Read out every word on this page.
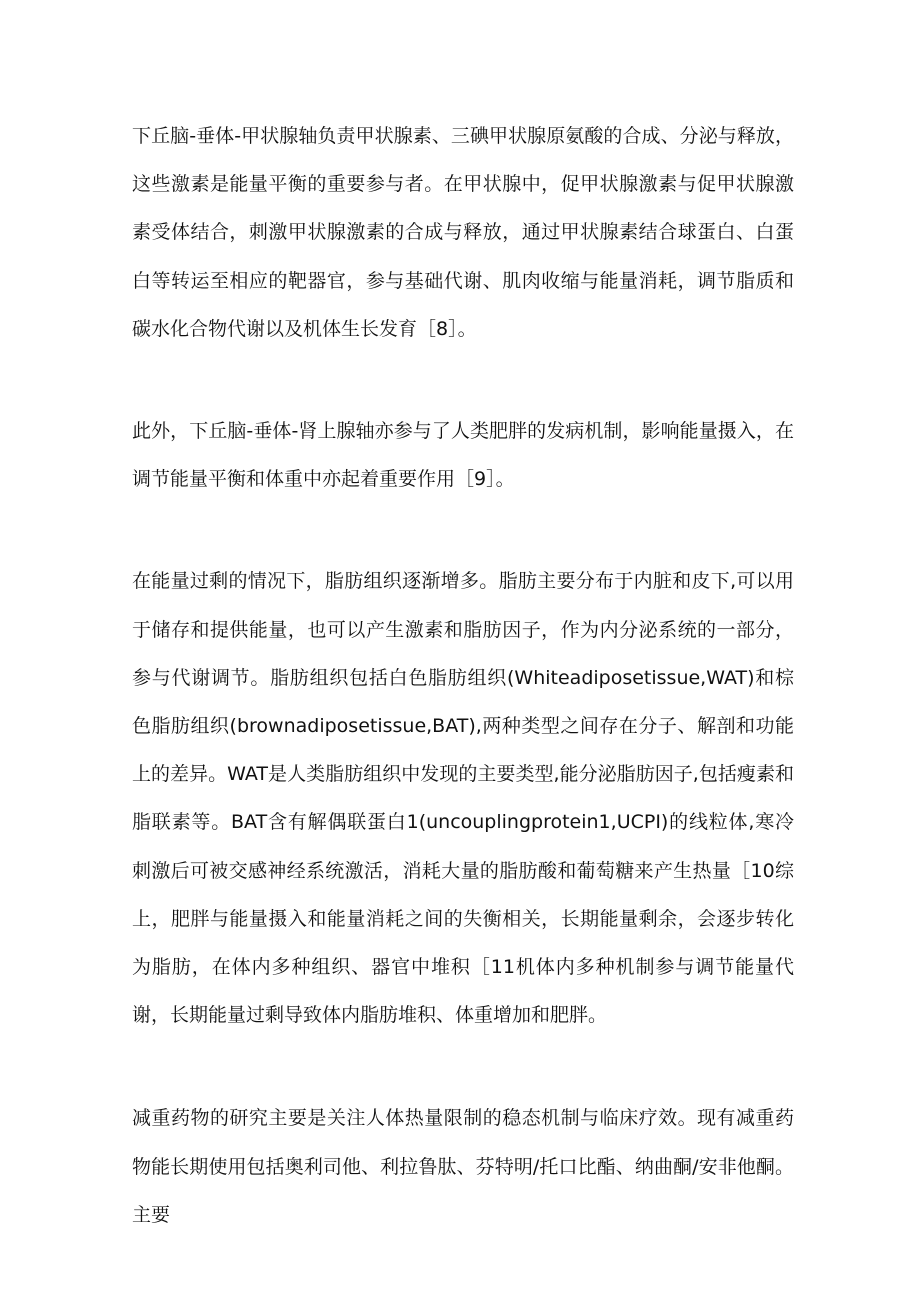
下丘脑-垂体-甲状腺轴负责甲状腺素、三碘甲状腺原氨酸的合成、分泌与释放，这些激素是能量平衡的重要参与者。在甲状腺中，促甲状腺激素与促甲状腺激素受体结合，刺激甲状腺激素的合成与释放，通过甲状腺素结合球蛋白、白蛋白等转运至相应的靶器官，参与基础代谢、肌肉收缩与能量消耗，调节脂质和碳水化合物代谢以及机体生长发育［8］。

此外，下丘脑-垂体-肾上腺轴亦参与了人类肥胖的发病机制，影响能量摄入，在调节能量平衡和体重中亦起着重要作用［9］。

在能量过剩的情况下，脂肪组织逐渐增多。脂肪主要分布于内脏和皮下,可以用于储存和提供能量，也可以产生激素和脂肪因子，作为内分泌系统的一部分，参与代谢调节。脂肪组织包括白色脂肪组织(Whiteadiposetissue,WAT)和棕色脂肪组织(brownadiposetissue,BAT),两种类型之间存在分子、解剖和功能上的差异。WAT是人类脂肪组织中发现的主要类型,能分泌脂肪因子,包括瘦素和脂联素等。BAT含有解偶联蛋白1(uncouplingprotein1,UCPI)的线粒体,寒冷刺激后可被交感神经系统激活，消耗大量的脂肪酸和葡萄糖来产生热量［10综上，肥胖与能量摄入和能量消耗之间的失衡相关，长期能量剩余，会逐步转化为脂肪，在体内多种组织、器官中堆积［11机体内多种机制参与调节能量代谢，长期能量过剩导致体内脂肪堆积、体重增加和肥胖。

减重药物的研究主要是关注人体热量限制的稳态机制与临床疗效。现有减重药物能长期使用包括奥利司他、利拉鲁肽、芬特明/托口比酯、纳曲酮/安非他酮。主要
